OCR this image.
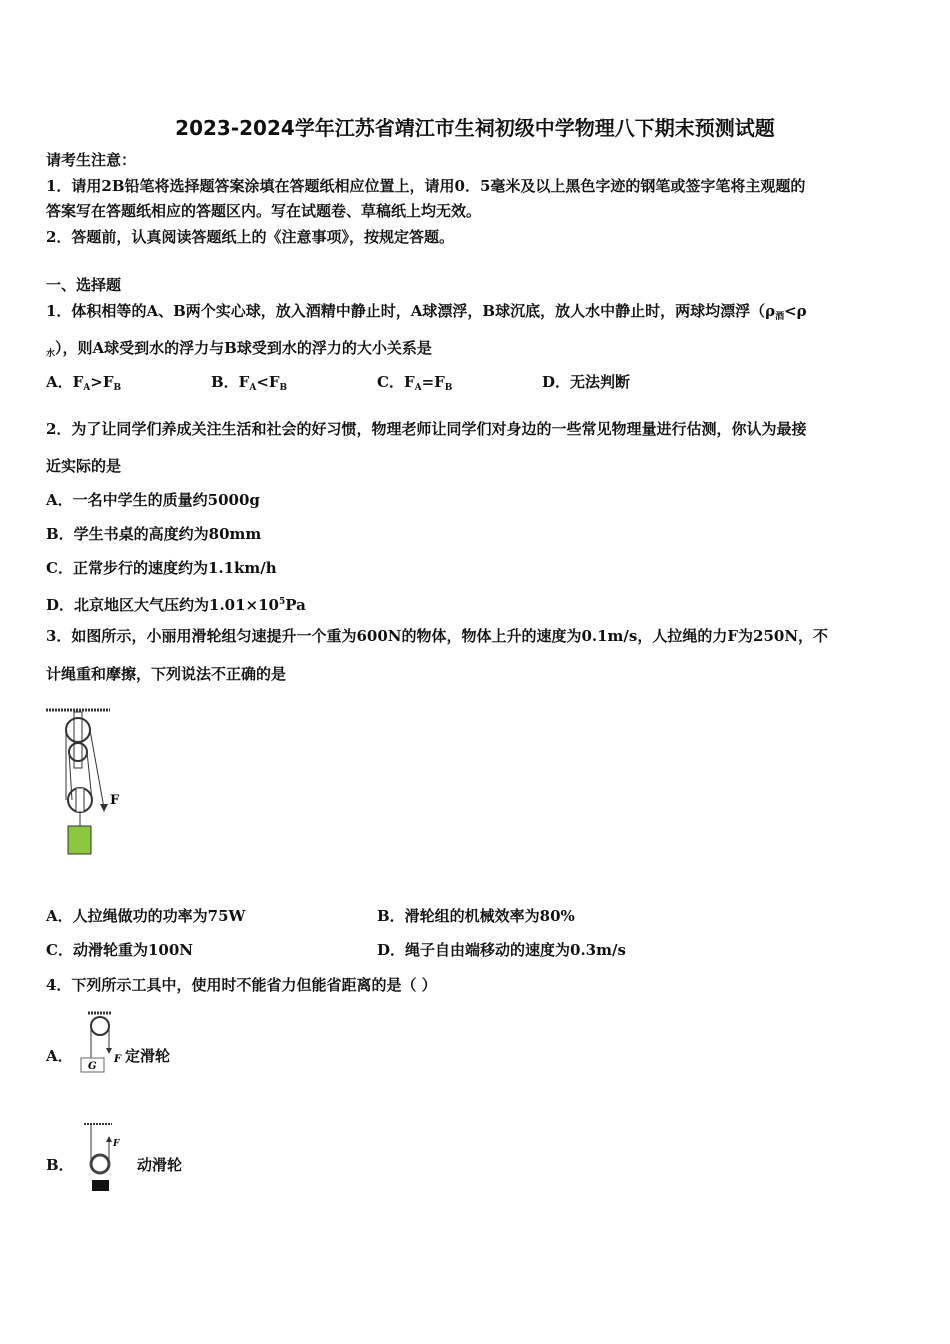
2023-2024学年江苏省靖江市生祠初级中学物理八下期末预测试题
请考生注意：
1．请用2B铅笔将选择题答案涂填在答题纸相应位置上，请用0．5毫米及以上黑色字迹的钢笔或签字笔将主观题的
答案写在答题纸相应的答题区内。写在试题卷、草稿纸上均无效。
2．答题前，认真阅读答题纸上的《注意事项》，按规定答题。
一、选择题
1．体积相等的A、B两个实心球，放入酒精中静止时，A球漂浮，B球沉底，放人水中静止时，两球均漂浮（$\rho_酒<\rho$
$_水$），则A球受到水的浮力与B球受到水的浮力的大小关系是
A．$F_A>F_B$	B．$F_A<F_B$	C．$F_A=F_B$	D．无法判断
2．为了让同学们养成关注生活和社会的好习惯，物理老师让同学们对身边的一些常见物理量进行估测，你认为最接
近实际的是
A．一名中学生的质量约5000g
B．学生书桌的高度约为80mm
C．正常步行的速度约为1.1km/h
D．北京地区大气压约为$1.01\times 10^5Pa$
3．如图所示，小丽用滑轮组匀速提升一个重为600N的物体，物体上升的速度为0.1m/s，人拉绳的力F为250N，不
计绳重和摩擦，下列说法不正确的是
F
A．人拉绳做功的功率为75W	B．滑轮组的机械效率为80%
C．动滑轮重为100N	D．绳子自由端移动的速度为0.3m/s
4．下列所示工具中，使用时不能省力但能省距离的是（ ）
A．
G
F 定滑轮
B．
F
动滑轮
